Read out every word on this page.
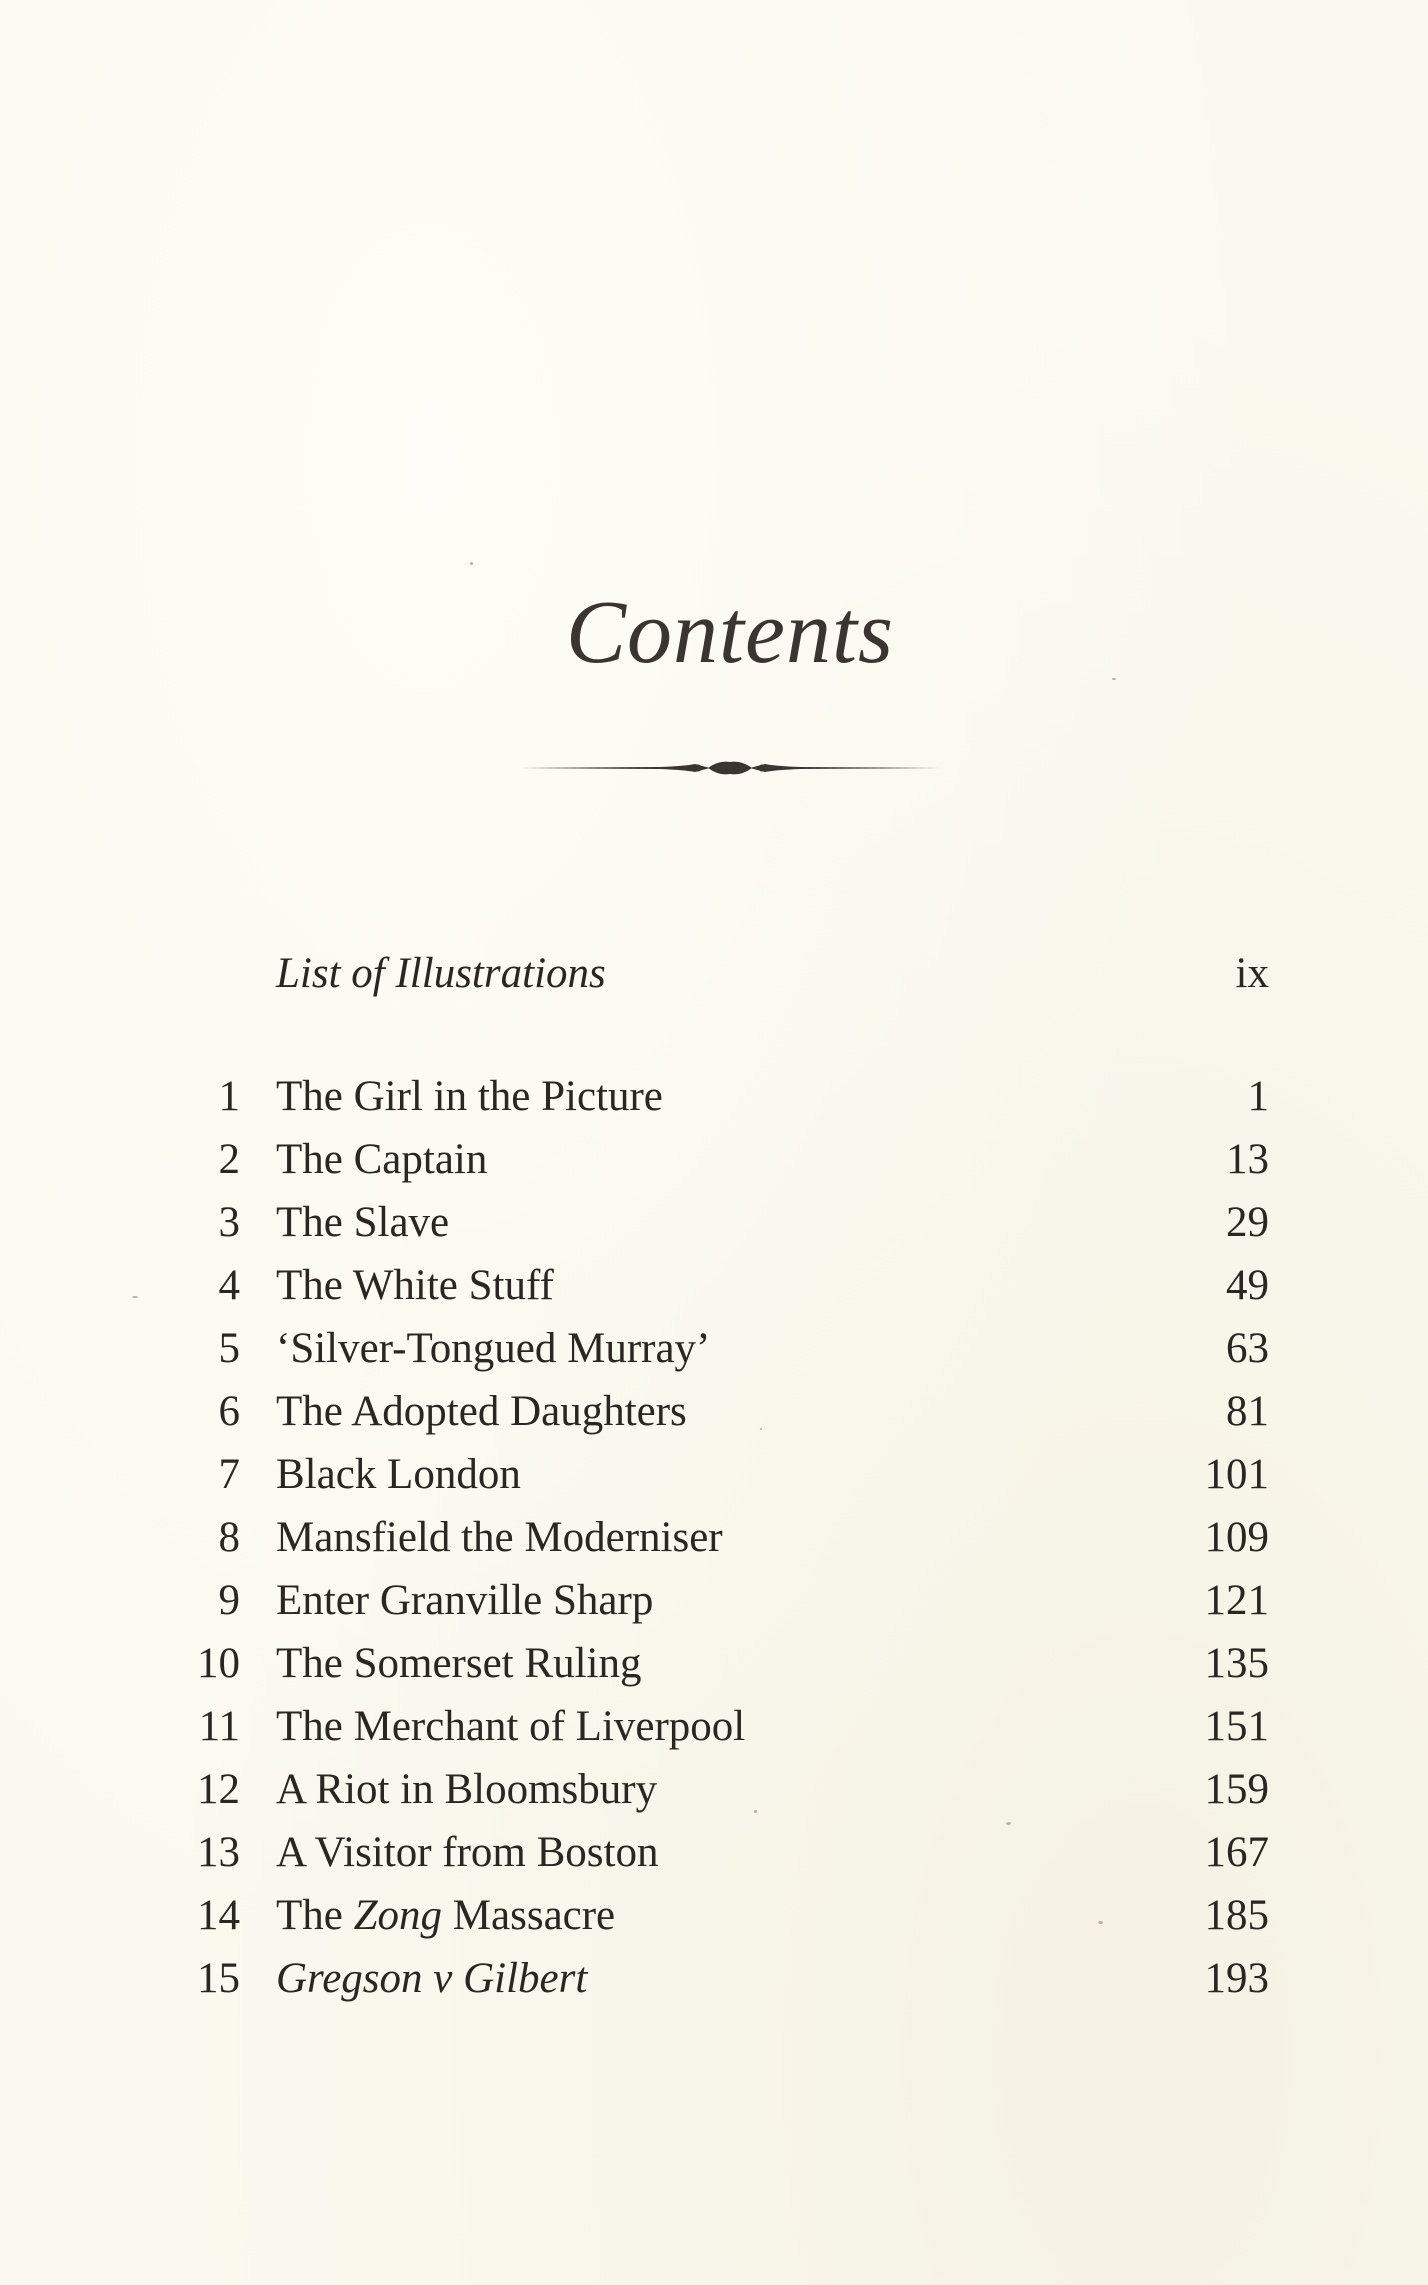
Contents
List of Illustrations	ix
1 The Girl in the Picture	1
2 The Captain	13
3 The Slave	29
4 The White Stuff	49
5 ‘Silver-Tongued Murray’	63
6 The Adopted Daughters	81
7 Black London	101
8 Mansfield the Moderniser	109
9 Enter Granville Sharp	121
10 The Somerset Ruling	135
11 The Merchant of Liverpool	151
12 A Riot in Bloomsbury	159
13 A Visitor from Boston	167
14 The Zong Massacre	185
15 Gregson v Gilbert	193
